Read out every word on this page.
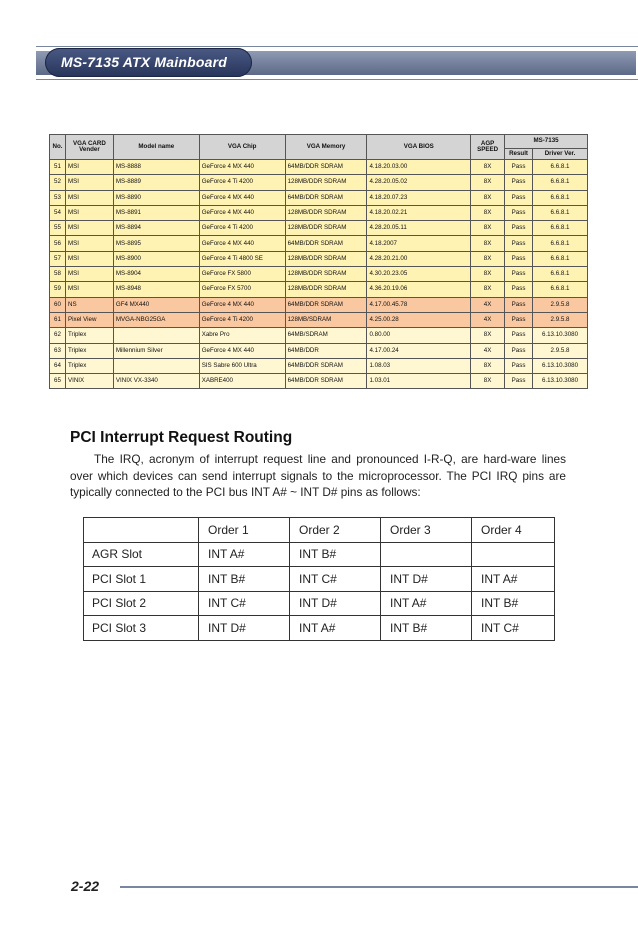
MS-7135 ATX Mainboard
No.	VGA CARD Vender	Model name	VGA Chip	VGA Memory	VGA BIOS	AGP SPEED	MS-7135	
							Result	Driver Ver.
51	MSI	MS-8888	GeForce 4 MX 440	64MB/DDR SDRAM	4.18.20.03.00	8X	Pass	6.6.8.1
52	MSI	MS-8889	GeForce 4 Ti 4200	128MB/DDR SDRAM	4.28.20.05.02	8X	Pass	6.6.8.1
53	MSI	MS-8890	GeForce 4 MX 440	64MB/DDR SDRAM	4.18.20.07.23	8X	Pass	6.6.8.1
54	MSI	MS-8891	GeForce 4 MX 440	128MB/DDR SDRAM	4.18.20.02.21	8X	Pass	6.6.8.1
55	MSI	MS-8894	GeForce 4 Ti 4200	128MB/DDR SDRAM	4.28.20.05.11	8X	Pass	6.6.8.1
56	MSI	MS-8895	GeForce 4 MX 440	64MB/DDR SDRAM	4.18.2007	8X	Pass	6.6.8.1
57	MSI	MS-8900	GeForce 4 Ti 4800 SE	128MB/DDR SDRAM	4.28.20.21.00	8X	Pass	6.6.8.1
58	MSI	MS-8904	GeForce FX 5800	128MB/DDR SDRAM	4.30.20.23.05	8X	Pass	6.6.8.1
59	MSI	MS-8948	GeForce FX 5700	128MB/DDR SDRAM	4.36.20.19.06	8X	Pass	6.6.8.1
60	NS	GF4 MX440	GeForce 4 MX 440	64MB/DDR SDRAM	4.17.00.45.78	4X	Pass	2.9.5.8
61	Pixel View	MVGA-NBG25GA	GeForce 4 Ti 4200	128MB/SDRAM	4.25.00.28	4X	Pass	2.9.5.8
62	Triplex		Xabre Pro	64MB/SDRAM	0.80.00	8X	Pass	6.13.10.3080
63	Triplex	Millennium Silver	GeForce 4 MX 440	64MB/DDR	4.17.00.24	4X	Pass	2.9.5.8
64	Triplex		SIS Sabre 600 Ultra	64MB/DDR SDRAM	1.08.03	8X	Pass	6.13.10.3080
65	VINIX	VINIX VX-3340	XABRE400	64MB/DDR SDRAM	1.03.01	8X	Pass	6.13.10.3080
PCI Interrupt Request Routing
The IRQ, acronym of interrupt request line and pronounced I-R-Q, are hard-ware lines over which devices can send interrupt signals to the microprocessor. The PCI IRQ pins are typically connected to the PCI bus INT A# ~ INT D# pins as follows:
	Order 1	Order 2	Order 3	Order 4
AGR Slot	INT A#	INT B#		
PCI Slot 1	INT B#	INT C#	INT D#	INT A#
PCI Slot 2	INT C#	INT D#	INT A#	INT B#
PCI Slot 3	INT D#	INT A#	INT B#	INT C#
2-22
